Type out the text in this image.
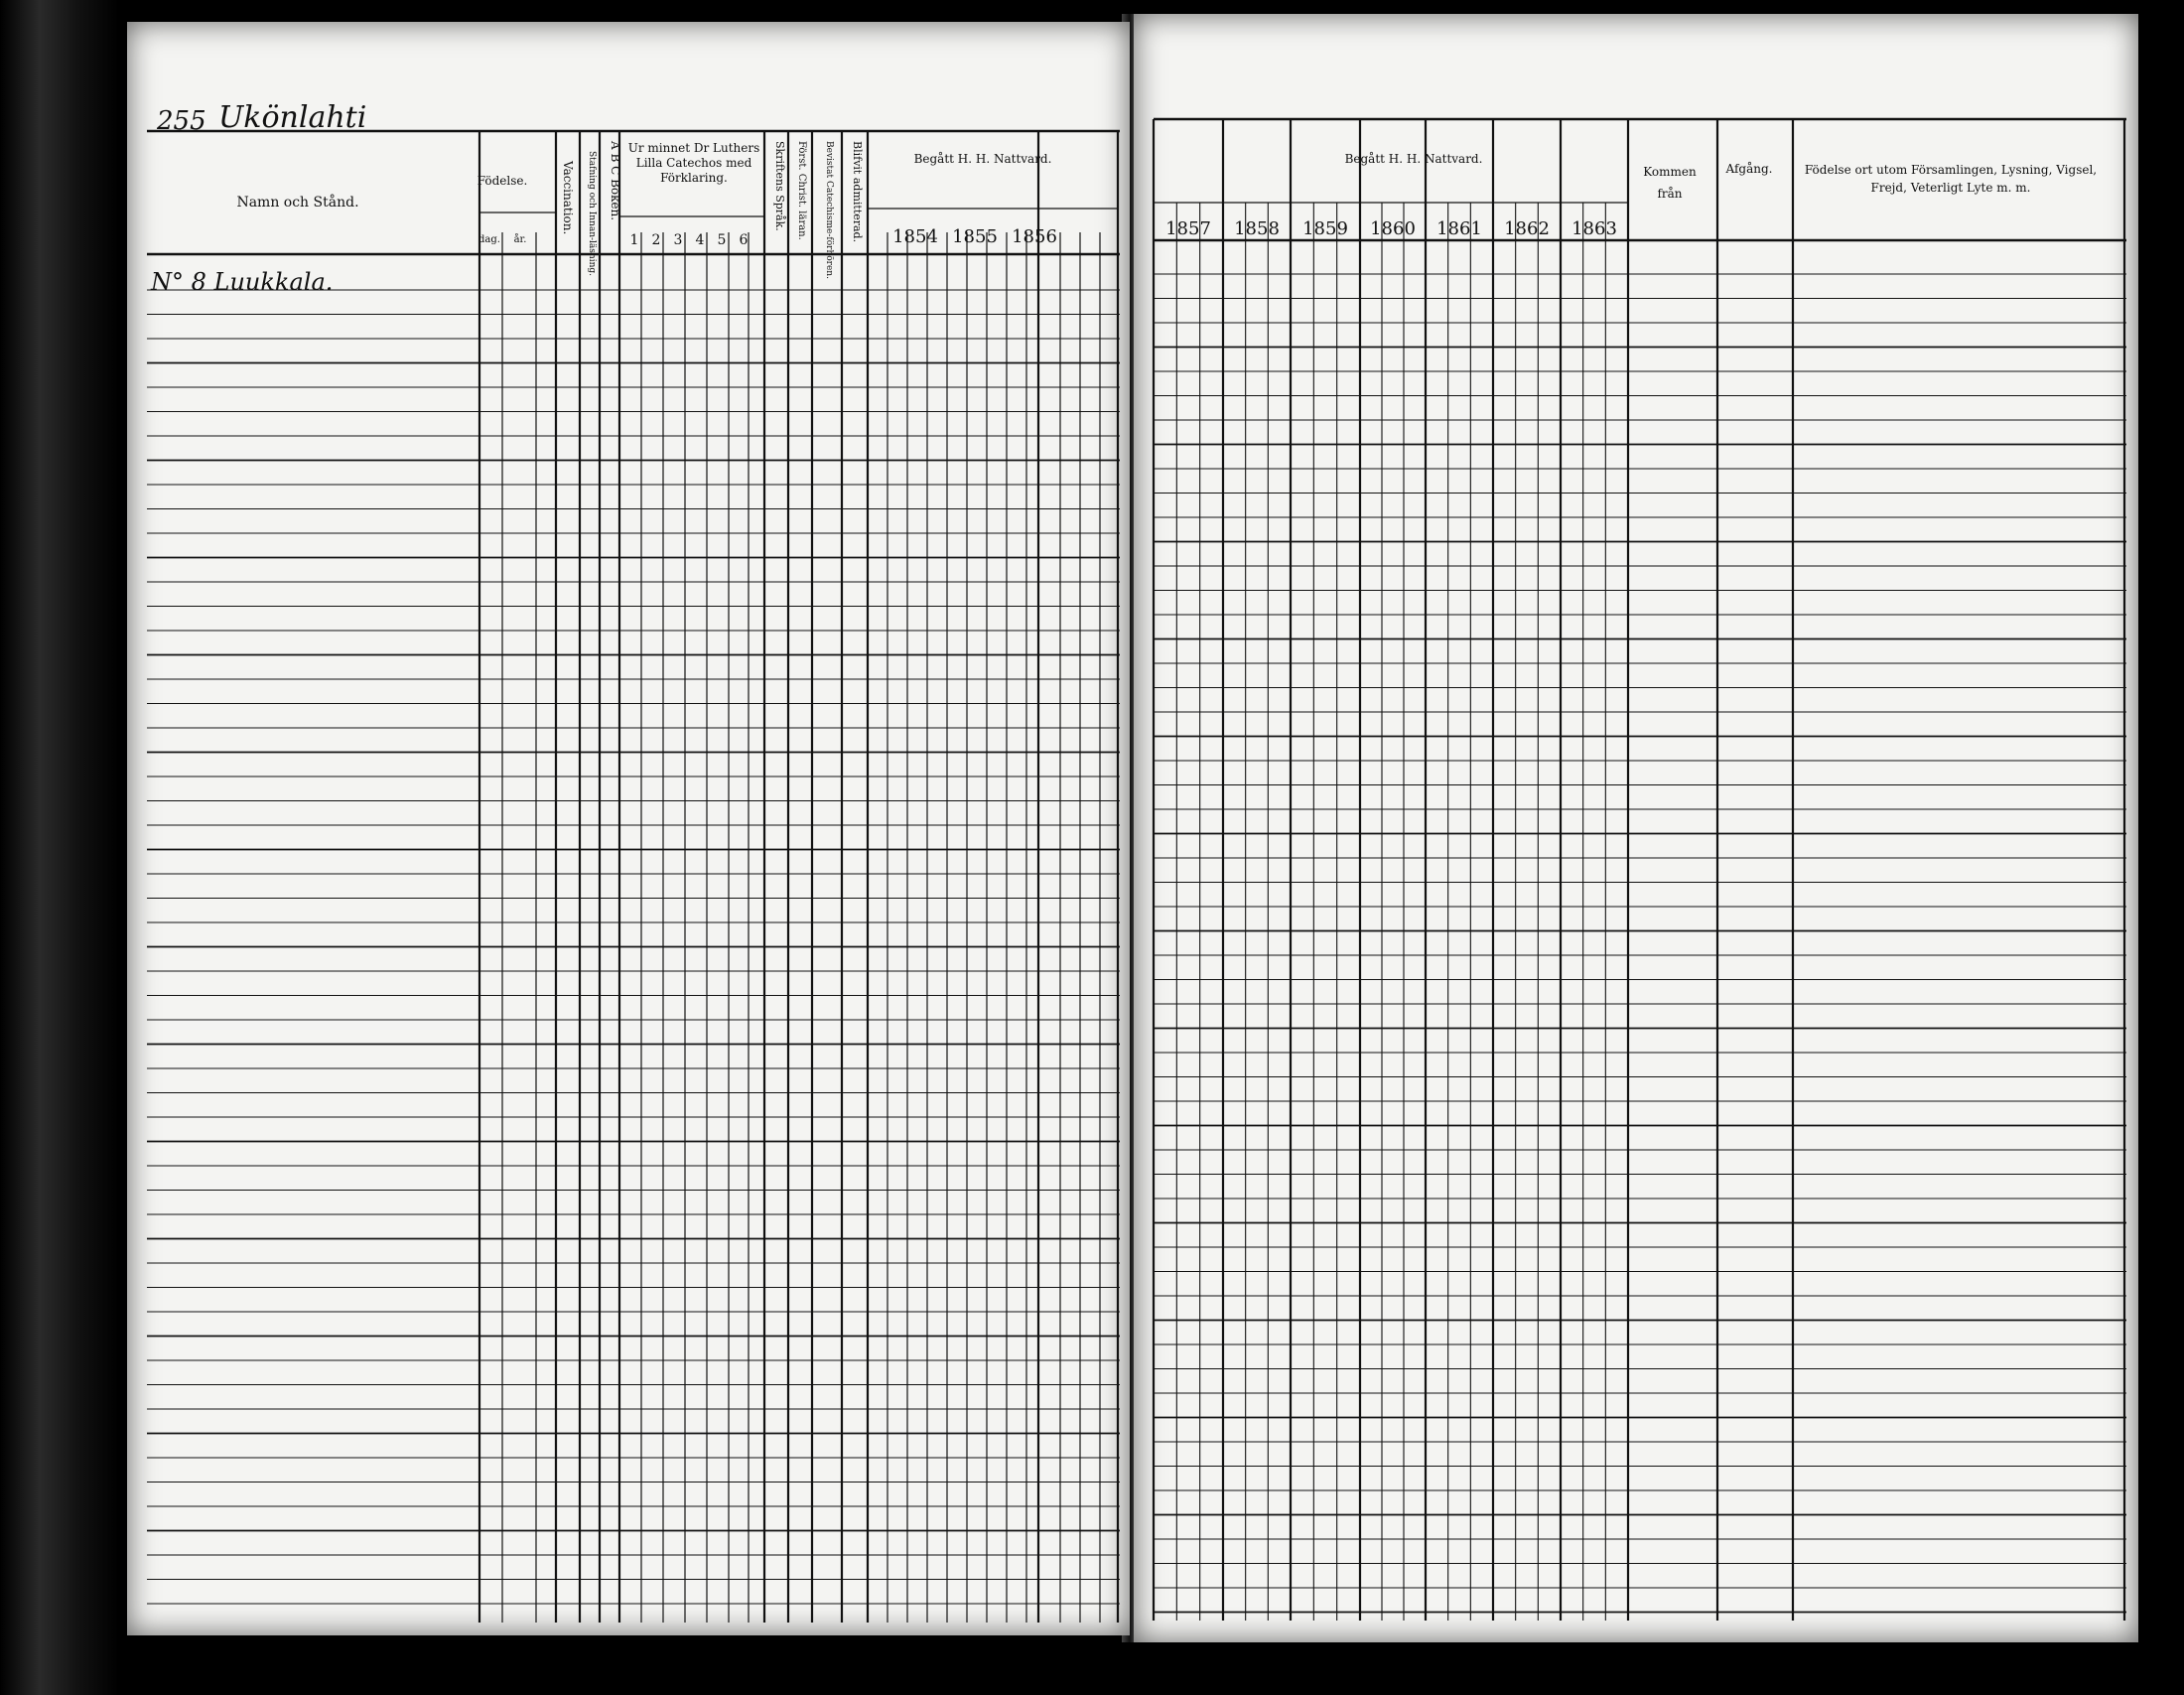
255 Ukönlahti
Namn och Stånd.
Födelse.
dag. år.
Vaccination. Stafning och Innan-läsning. A B C Boken. Ur minnet Dr Luthers Lilla Catechos med Förklaring.
1 2 3 4 5 6
Skriftens Språk. Först. Christ. läran. Bevistat Catechisme-förhören. Blifvit admitterad.	Begått H. H. Nattvard.
1854 1855 1856
N° 8 Luukkala.
Begått H. H. Nattvard.
1857 1858 1859 1860 1861 1862 1863
Kommen från
Afgång.	Födelse ort utom Församlingen, Lysning, Vigsel, Frejd, Veterligt Lyte m. m.
